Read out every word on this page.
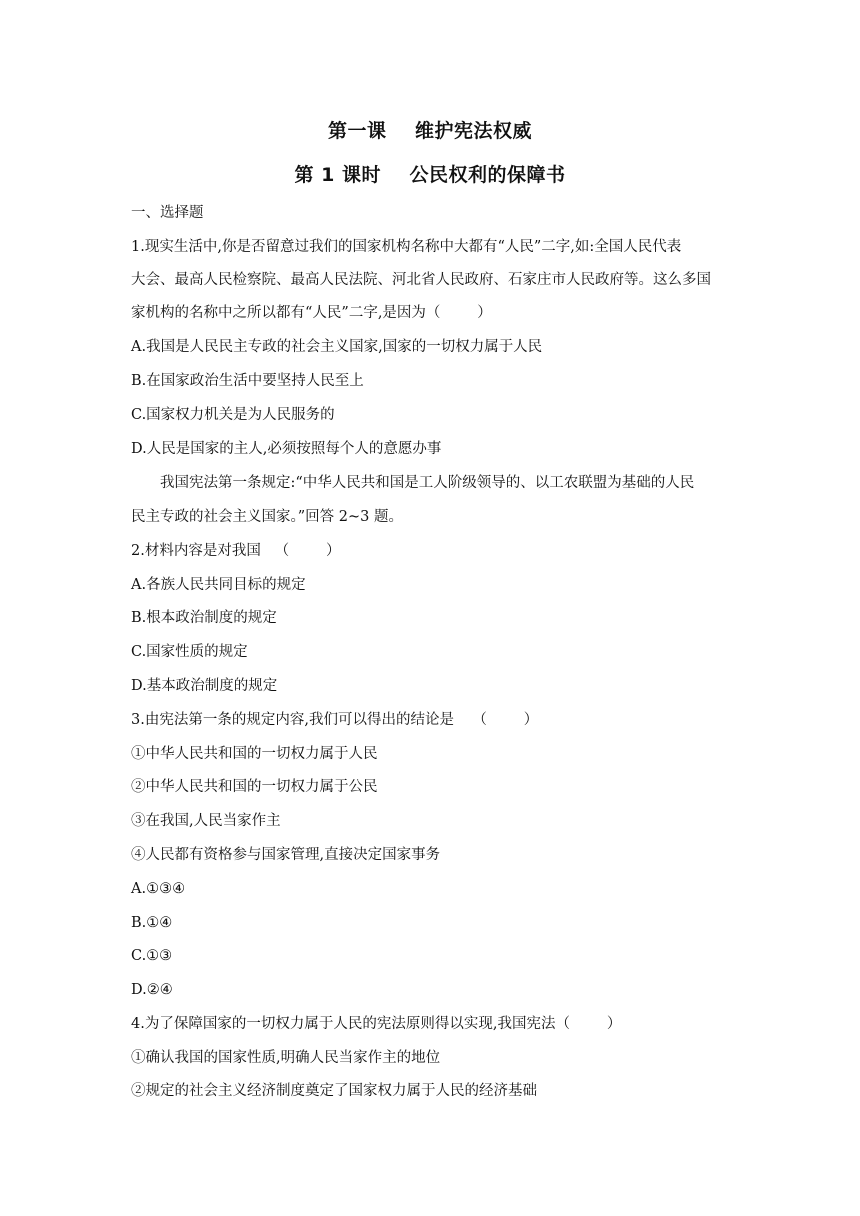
第一课    维护宪法权威
第 1 课时    公民权利的保障书
一、选择题
1.现实生活中,你是否留意过我们的国家机构名称中大都有“人民”二字,如:全国人民代表
大会、最高人民检察院、最高人民法院、河北省人民政府、石家庄市人民政府等。这么多国
家机构的名称中之所以都有“人民”二字,是因为（        ）
A.我国是人民民主专政的社会主义国家,国家的一切权力属于人民
B.在国家政治生活中要坚持人民至上
C.国家权力机关是为人民服务的
D.人民是国家的主人,必须按照每个人的意愿办事
我国宪法第一条规定:“中华人民共和国是工人阶级领导的、以工农联盟为基础的人民
民主专政的社会主义国家。”回答 2~3 题。
2.材料内容是对我国   （        ）
A.各族人民共同目标的规定
B.根本政治制度的规定
C.国家性质的规定
D.基本政治制度的规定
3.由宪法第一条的规定内容,我们可以得出的结论是    （        ）
①中华人民共和国的一切权力属于人民
②中华人民共和国的一切权力属于公民
③在我国,人民当家作主
④人民都有资格参与国家管理,直接决定国家事务
A.①③④
B.①④
C.①③
D.②④
4.为了保障国家的一切权力属于人民的宪法原则得以实现,我国宪法（        ）
①确认我国的国家性质,明确人民当家作主的地位
②规定的社会主义经济制度奠定了国家权力属于人民的经济基础
